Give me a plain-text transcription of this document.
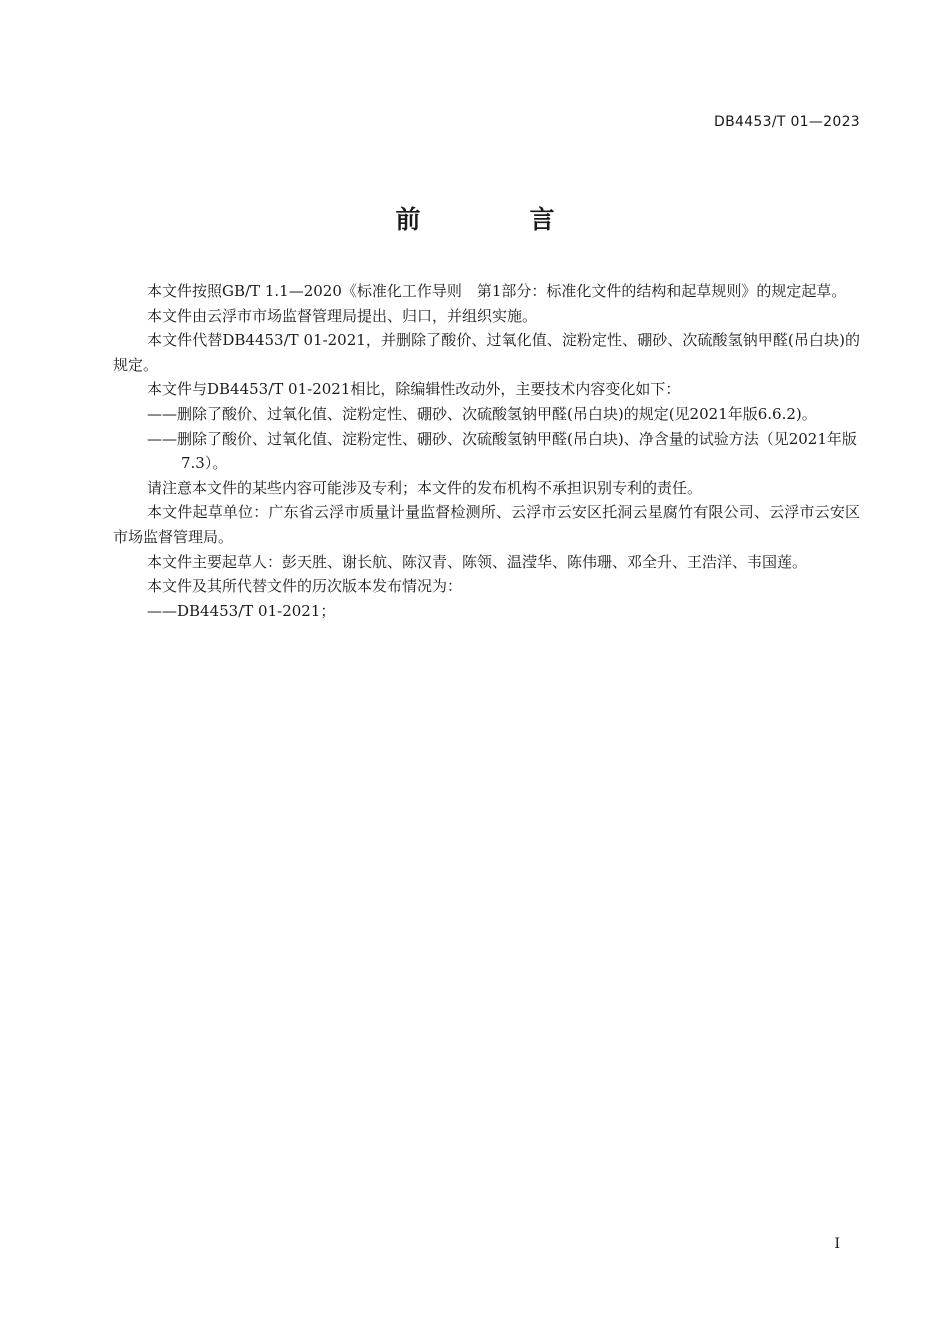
DB4453/T 01—2023
前　言

本文件按照GB/T 1.1—2020《标准化工作导则　第1部分：标准化文件的结构和起草规则》的规定起草。

本文件由云浮市市场监督管理局提出、归口，并组织实施。

本文件代替DB4453/T 01-2021，并删除了酸价、过氧化值、淀粉定性、硼砂、次硫酸氢钠甲醛(吊白块)的规定。

本文件与DB4453/T 01-2021相比，除编辑性改动外，主要技术内容变化如下：

——删除了酸价、过氧化值、淀粉定性、硼砂、次硫酸氢钠甲醛(吊白块)的规定(见2021年版6.6.2)。

——删除了酸价、过氧化值、淀粉定性、硼砂、次硫酸氢钠甲醛(吊白块)、净含量的试验方法（见2021年版7.3）。

请注意本文件的某些内容可能涉及专利；本文件的发布机构不承担识别专利的责任。

本文件起草单位：广东省云浮市质量计量监督检测所、云浮市云安区托洞云星腐竹有限公司、云浮市云安区市场监督管理局。

本文件主要起草人：彭天胜、谢长航、陈汉青、陈领、温滢华、陈伟珊、邓全升、王浩洋、韦国莲。

本文件及其所代替文件的历次版本发布情况为：

——DB4453/T 01-2021；

I
